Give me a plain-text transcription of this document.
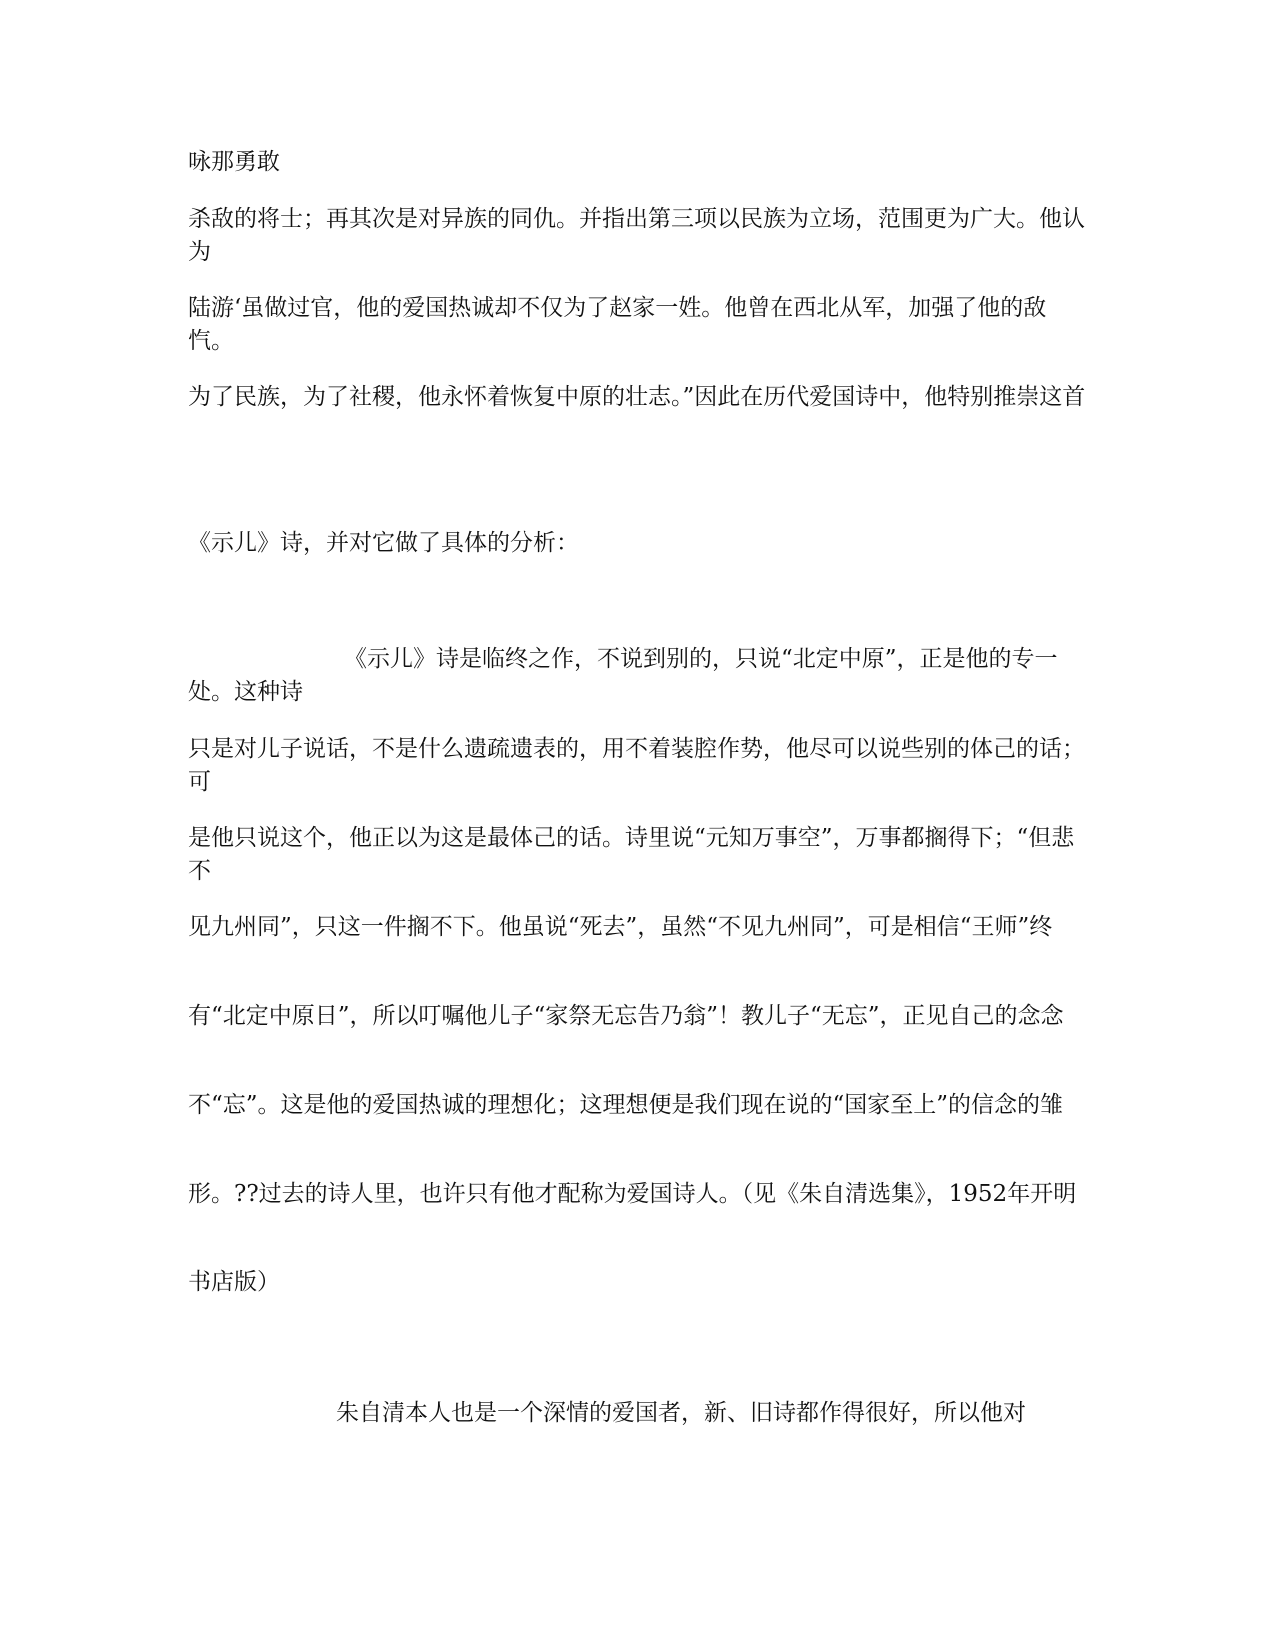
咏那勇敢

杀敌的将士；再其次是对异族的同仇。并指出第三项以民族为立场，范围更为广大。他认为

陆游‘虽做过官，他的爱国热诚却不仅为了赵家一姓。他曾在西北从军，加强了他的敌忾。

为了民族，为了社稷，他永怀着恢复中原的壮志。”因此在历代爱国诗中，他特别推崇这首

《示儿》诗，并对它做了具体的分析：

《示儿》诗是临终之作，不说到别的，只说“北定中原”，正是他的专一处。这种诗

只是对儿子说话，不是什么遗疏遗表的，用不着装腔作势，他尽可以说些别的体己的话；可

是他只说这个，他正以为这是最体己的话。诗里说“元知万事空”，万事都搁得下；“但悲不

见九州同”，只这一件搁不下。他虽说“死去”，虽然“不见九州同”，可是相信“王师”终

有“北定中原日”，所以叮嘱他儿子“家祭无忘告乃翁”！教儿子“无忘”，正见自己的念念

不“忘”。这是他的爱国热诚的理想化；这理想便是我们现在说的“国家至上”的信念的雏

形。??过去的诗人里，也许只有他才配称为爱国诗人。（见《朱自清选集》，1952年开明

书店版）

朱自清本人也是一个深情的爱国者，新、旧诗都作得很好，所以他对
